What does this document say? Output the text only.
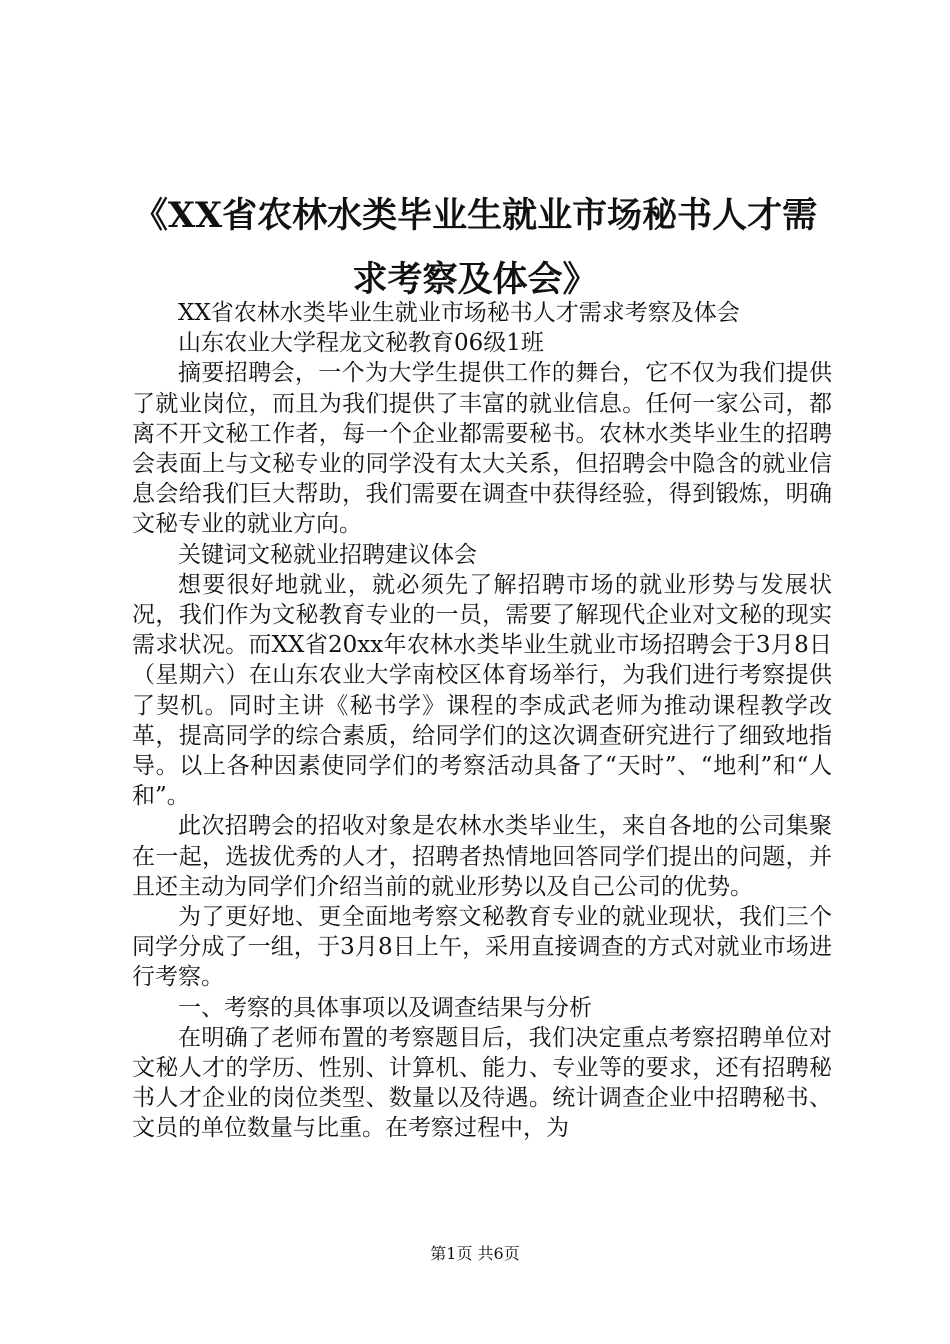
《XX省农林水类毕业生就业市场秘书人才需求考察及体会》

XX省农林水类毕业生就业市场秘书人才需求考察及体会

山东农业大学程龙文秘教育06级1班

摘要招聘会，一个为大学生提供工作的舞台，它不仅为我们提供了就业岗位，而且为我们提供了丰富的就业信息。任何一家公司，都离不开文秘工作者，每一个企业都需要秘书。农林水类毕业生的招聘会表面上与文秘专业的同学没有太大关系，但招聘会中隐含的就业信息会给我们巨大帮助，我们需要在调查中获得经验，得到锻炼，明确文秘专业的就业方向。

关键词文秘就业招聘建议体会

想要很好地就业，就必须先了解招聘市场的就业形势与发展状况，我们作为文秘教育专业的一员，需要了解现代企业对文秘的现实需求状况。而XX省20xx年农林水类毕业生就业市场招聘会于3月8日（星期六）在山东农业大学南校区体育场举行，为我们进行考察提供了契机。同时主讲《秘书学》课程的李成武老师为推动课程教学改革，提高同学的综合素质，给同学们的这次调查研究进行了细致地指导。以上各种因素使同学们的考察活动具备了“天时”、“地利”和“人和”。

此次招聘会的招收对象是农林水类毕业生，来自各地的公司集聚在一起，选拔优秀的人才，招聘者热情地回答同学们提出的问题，并且还主动为同学们介绍当前的就业形势以及自己公司的优势。

为了更好地、更全面地考察文秘教育专业的就业现状，我们三个同学分成了一组，于3月8日上午，采用直接调查的方式对就业市场进行考察。

一、考察的具体事项以及调查结果与分析

在明确了老师布置的考察题目后，我们决定重点考察招聘单位对文秘人才的学历、性别、计算机、能力、专业等的要求，还有招聘秘书人才企业的岗位类型、数量以及待遇。统计调查企业中招聘秘书、文员的单位数量与比重。在考察过程中，为

第1页 共6页
